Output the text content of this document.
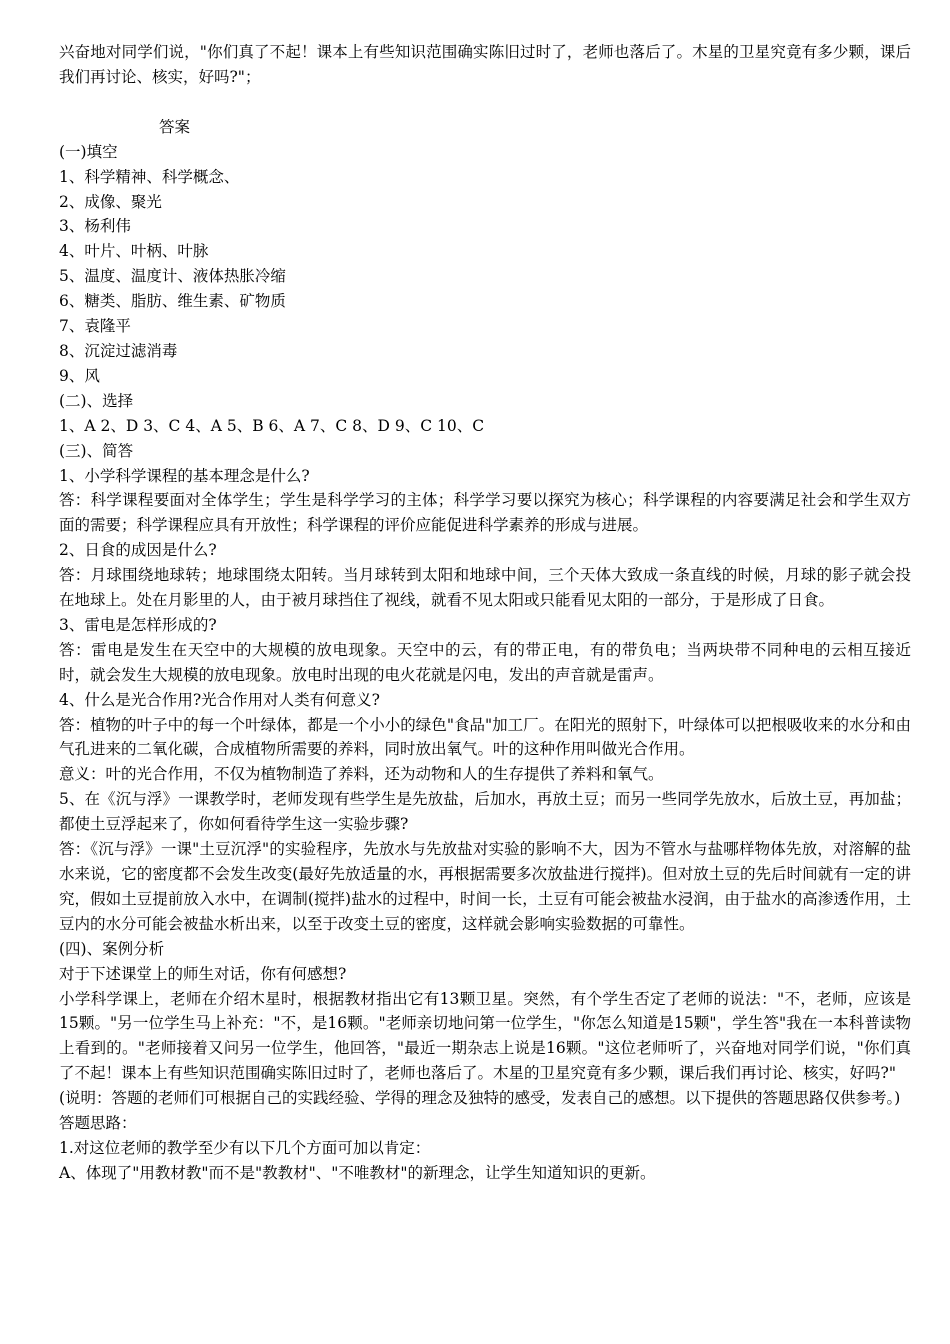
兴奋地对同学们说，"你们真了不起！课本上有些知识范围确实陈旧过时了，老师也落后了。木星的卫星究竟有多少颗，课后我们再讨论、核实，好吗?"；
答案
(一)填空
1、科学精神、科学概念、
2、成像、聚光
3、杨利伟
4、叶片、叶柄、叶脉
5、温度、温度计、液体热胀冷缩
6、糖类、脂肪、维生素、矿物质
7、袁隆平
8、沉淀过滤消毒
9、风
(二)、选择
1、A 2、D 3、C 4、A 5、B 6、A 7、C 8、D 9、C 10、C
(三)、简答
1、小学科学课程的基本理念是什么?
答：科学课程要面对全体学生；学生是科学学习的主体；科学学习要以探究为核心；科学课程的内容要满足社会和学生双方面的需要；科学课程应具有开放性；科学课程的评价应能促进科学素养的形成与进展。
2、日食的成因是什么?
答：月球围绕地球转；地球围绕太阳转。当月球转到太阳和地球中间，三个天体大致成一条直线的时候，月球的影子就会投在地球上。处在月影里的人，由于被月球挡住了视线，就看不见太阳或只能看见太阳的一部分，于是形成了日食。
3、雷电是怎样形成的?
答：雷电是发生在天空中的大规模的放电现象。天空中的云，有的带正电，有的带负电；当两块带不同种电的云相互接近时，就会发生大规模的放电现象。放电时出现的电火花就是闪电，发出的声音就是雷声。
4、什么是光合作用?光合作用对人类有何意义?
答：植物的叶子中的每一个叶绿体，都是一个小小的绿色"食品"加工厂。在阳光的照射下，叶绿体可以把根吸收来的水分和由气孔进来的二氧化碳，合成植物所需要的养料，同时放出氧气。叶的这种作用叫做光合作用。
意义：叶的光合作用，不仅为植物制造了养料，还为动物和人的生存提供了养料和氧气。
5、在《沉与浮》一课教学时，老师发现有些学生是先放盐，后加水，再放土豆；而另一些同学先放水，后放土豆，再加盐；都使土豆浮起来了，你如何看待学生这一实验步骤?
答：《沉与浮》一课"土豆沉浮"的实验程序，先放水与先放盐对实验的影响不大，因为不管水与盐哪样物体先放，对溶解的盐水来说，它的密度都不会发生改变(最好先放适量的水，再根据需要多次放盐进行搅拌)。但对放土豆的先后时间就有一定的讲究，假如土豆提前放入水中，在调制(搅拌)盐水的过程中，时间一长，土豆有可能会被盐水浸润，由于盐水的高渗透作用，土豆内的水分可能会被盐水析出来，以至于改变土豆的密度，这样就会影响实验数据的可靠性。
(四)、案例分析
对于下述课堂上的师生对话，你有何感想?
小学科学课上，老师在介绍木星时，根据教材指出它有13颗卫星。突然，有个学生否定了老师的说法："不，老师，应该是15颗。"另一位学生马上补充："不，是16颗。"老师亲切地问第一位学生，"你怎么知道是15颗"，学生答"我在一本科普读物上看到的。"老师接着又问另一位学生，他回答，"最近一期杂志上说是16颗。"这位老师听了，兴奋地对同学们说，"你们真了不起！课本上有些知识范围确实陈旧过时了，老师也落后了。木星的卫星究竟有多少颗，课后我们再讨论、核实，好吗?"
(说明：答题的老师们可根据自己的实践经验、学得的理念及独特的感受，发表自己的感想。以下提供的答题思路仅供参考。)
答题思路：
1.对这位老师的教学至少有以下几个方面可加以肯定：
A、体现了"用教材教"而不是"教教材"、"不唯教材"的新理念，让学生知道知识的更新。
